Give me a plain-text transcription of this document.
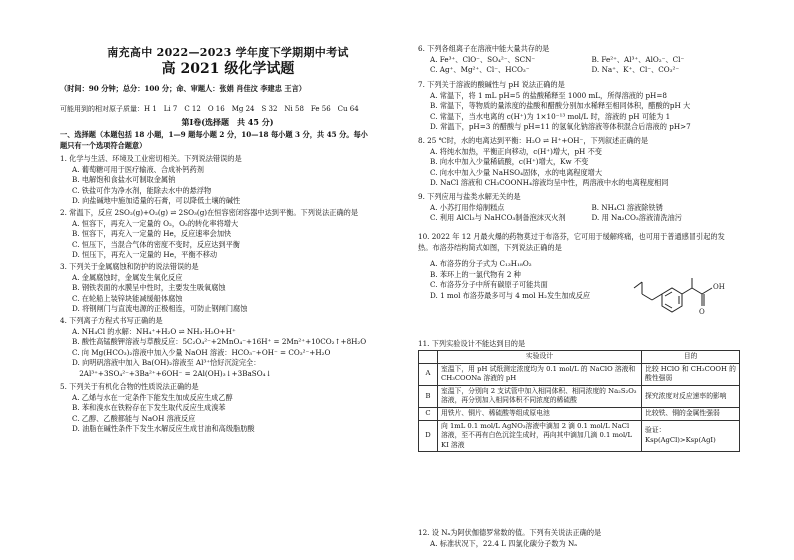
南充高中 2022—2023 学年度下学期期中考试
高 2021 级化学试题
（时间：90 分钟；总分：100 分；命、审题人：张娟 肖佳汶 李建忠 王言）
可能用到的相对原子质量：H 1　Li 7　C 12　O 16　Mg 24　S 32　Ni 58　Fe 56　Cu 64
第Ⅰ卷(选择题　共 45 分)

一、选择题（本题包括 18 小题，1—9 题每小题 2 分，10—18 每小题 3 分，共 45 分。每小

题只有一个选项符合题意）

1. 化学与生活、环境及工业密切相关。下列说法错误的是

A. 葡萄糖可用于医疗输液、合成补钙药剂

B. 电解饱和食盐水可制取金属钠

C. 铁盐可作为净水剂，能除去水中的悬浮物

D. 向盐碱地中施加适量的石膏，可以降低土壤的碱性

2. 常温下，反应 2SO₂(g)+O₂(g) ⇌ 2SO₃(g)在恒容密闭容器中达到平衡。下列说法正确的是

A. 恒容下，再充入一定量的 O₂，O₂的转化率将增大

B. 恒容下，再充入一定量的 He，反应速率会加快

C. 恒压下，当混合气体的密度不变时，反应达到平衡

D. 恒压下，再充入一定量的 He，平衡不移动

3. 下列关于金属腐蚀和防护的说法错误的是

A. 金属腐蚀时，金属发生氧化反应

B. 钢铁表面的水膜呈中性时，主要发生吸氧腐蚀

C. 在轮船上装锌块能减缓船体腐蚀

D. 将钢闸门与直流电源的正极相连，可防止钢闸门腐蚀

4. 下列离子方程式书写正确的是

A. NH₄Cl 的水解：NH₄⁺+H₂O ⇌ NH₃·H₂O+H⁺

B. 酸性高锰酸钾溶液与草酸反应：5C₂O₄²⁻+2MnO₄⁻+16H⁺ = 2Mn²⁺+10CO₂↑+8H₂O

C. 向 Mg(HCO₃)₂溶液中加入少量 NaOH 溶液：HCO₃⁻+OH⁻ = CO₃²⁻+H₂O

D. 向明矾溶液中加入 Ba(OH)₂溶液至 Al³⁺恰好沉淀完全：

　2Al³⁺+3SO₄²⁻+3Ba²⁺+6OH⁻ = 2Al(OH)₃↓+3BaSO₄↓

5. 下列关于有机化合物的性质说法正确的是

A. 乙烯与水在一定条件下能发生加成反应生成乙醇

B. 苯和溴水在铁粉存在下发生取代反应生成溴苯

C. 乙醇、乙酸都能与 NaOH 溶液反应

D. 油脂在碱性条件下发生水解反应生成甘油和高级脂肪酸

6. 下列各组离子在溶液中能大量共存的是

A. Fe³⁺、ClO⁻、SO₄²⁻、SCN⁻	B. Fe²⁺、Al³⁺、AlO₂⁻、Cl⁻
C. Ag⁺、Mg²⁺、Cl⁻、HCO₃⁻	D. Na⁺、K⁺、Cl⁻、CO₃²⁻

7. 下列关于溶液的酸碱性与 pH 说法正确的是

A. 常温下，将 1 mL pH=5 的盐酸稀释至 1000 mL，所得溶液的 pH=8

B. 常温下，等物质的量浓度的盐酸和醋酸分别加水稀释至相同体积，醋酸的pH 大

C. 常温下，当水电离的 c(H⁺)为 1×10⁻¹³ mol/L 时，溶液的 pH 可能为 1

D. 常温下，pH=3 的醋酸与 pH=11 的氢氧化钠溶液等体积混合后溶液的 pH>7

8. 25 ℃时，水的电离达到平衡：H₂O ⇌ H⁺+OH⁻，下列叙述正确的是

A. 将纯水加热，平衡正向移动，c(H⁺)增大，pH 不变

B. 向水中加入少量稀硫酸，c(H⁺)增大，Kw 不变

C. 向水中加入少量 NaHSO₄固体，水的电离程度增大

D. NaCl 溶液和 CH₃COONH₄溶液均呈中性，两溶液中水的电离程度相同

9. 下列应用与盐类水解无关的是

A. 小苏打用作焙制糕点	B. NH₄Cl 溶液除铁锈
C. 利用 AlCl₃与 NaHCO₃制备泡沫灭火剂	D. 用 Na₂CO₃溶液清洗油污

10. 2022 年 12 月最火爆的药物莫过于布洛芬，它可用于缓解疼痛，也可用于普通感冒引起的发

热。布洛芬结构简式如图，下列说法正确的是

A. 布洛芬的分子式为 C₁₃H₁₈O₂

B. 苯环上的一氯代物有 2 种

C. 布洛芬分子中所有碳原子可能共面

D. 1 mol 布洛芬最多可与 4 mol H₂发生加成反应

OH
O

11. 下列实验设计不能达到目的是

	实验设计	目的
A	室温下，用 pH 试纸测定浓度均为 0.1 mol/L 的 NaClO 溶液和 CH₃COONa 溶液的 pH	比较 HClO 和 CH₃COOH 的酸性强弱
B	室温下，分别向 2 支试管中加入相同体积、相同浓度的 Na₂S₂O₃溶液，再分别加入相同体积不同浓度的稀硫酸	探究浓度对反应速率的影响
C	用铁片、铜片、稀硫酸等组成原电池	比较铁、铜的金属性强弱
D	向 1mL 0.1 mol/L AgNO₃溶液中滴加 2 滴 0.1 mol/L NaCl 溶液，至不再有白色沉淀生成时，再向其中滴加几滴 0.1 mol/L KI 溶液	验证：Ksp(AgCl)>Ksp(AgI)

12. 设 Nₐ为阿伏伽德罗常数的值。下列有关说法正确的是

A. 标准状况下，22.4 L 四氯化碳分子数为 Nₐ
